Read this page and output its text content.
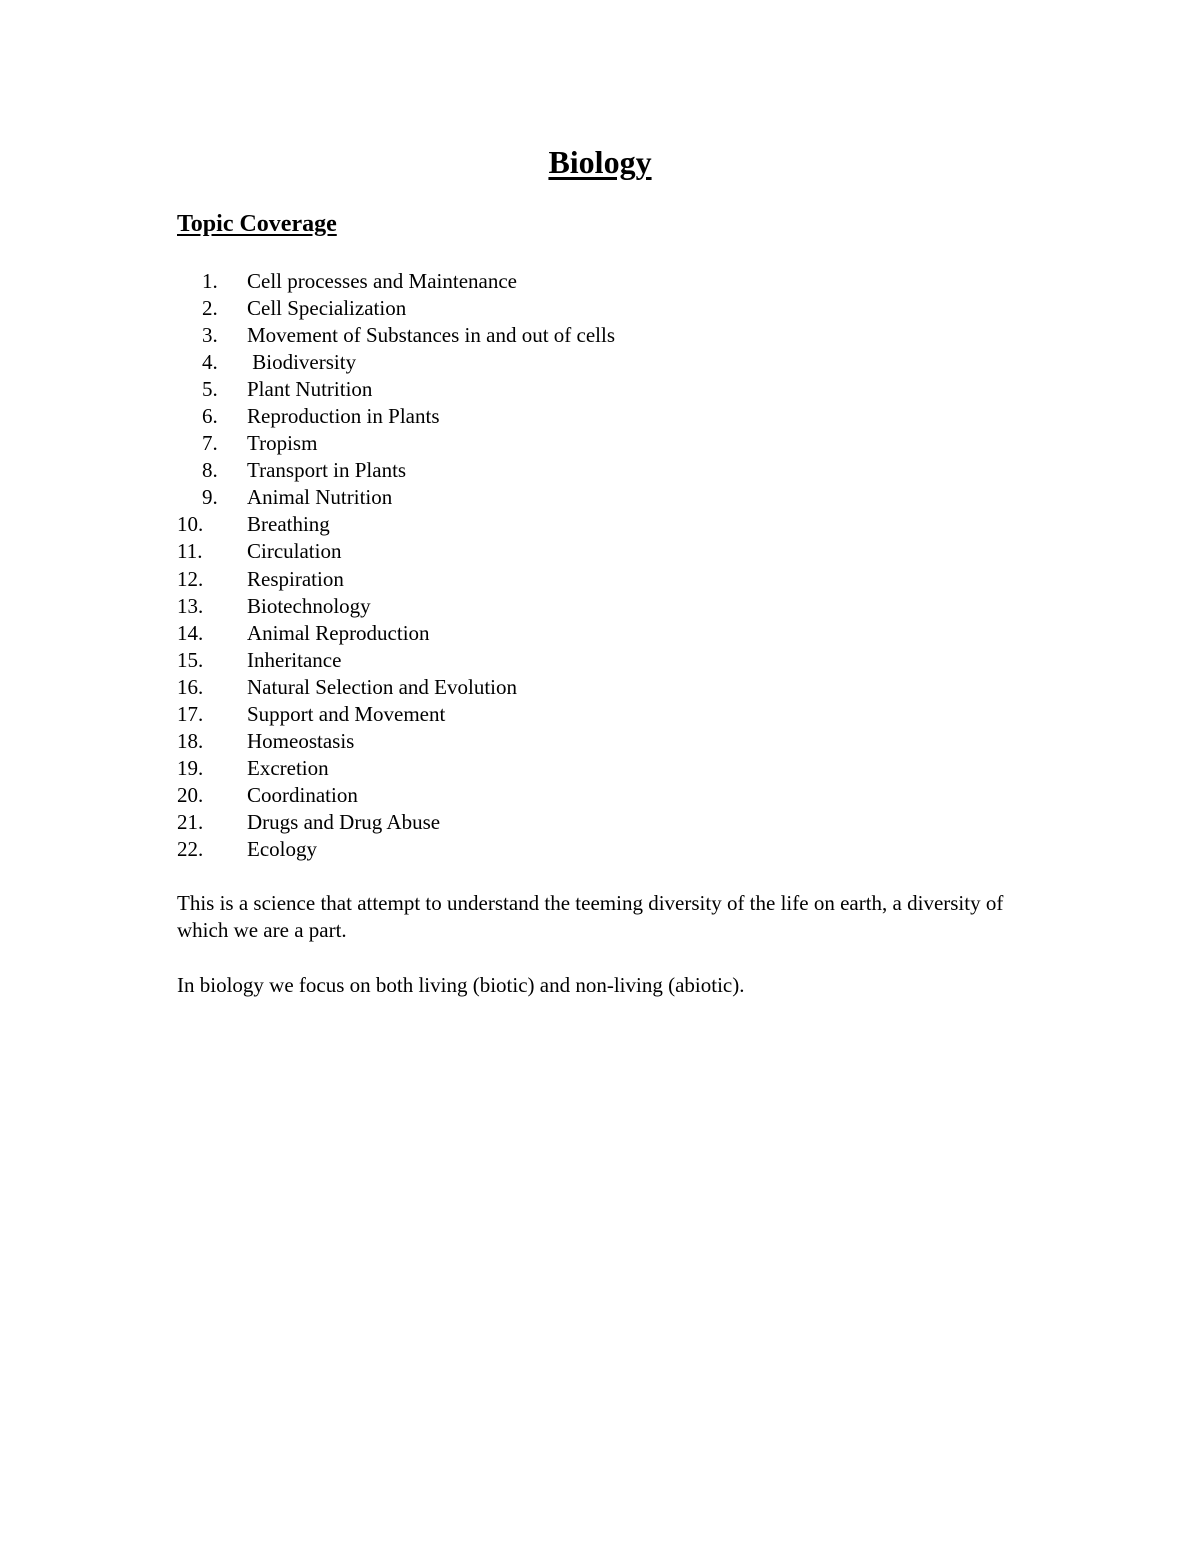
Biology
Topic Coverage
1.	Cell processes and Maintenance
2.	Cell Specialization
3.	Movement of Substances in and out of cells
4.	Biodiversity
5.	Plant Nutrition
6.	Reproduction in Plants
7.	Tropism
8.	Transport in Plants
9.	Animal Nutrition
10.	Breathing
11.	Circulation
12.	Respiration
13.	Biotechnology
14.	Animal Reproduction
15.	Inheritance
16.	Natural Selection and Evolution
17.	Support and Movement
18.	Homeostasis
19.	Excretion
20.	Coordination
21.	Drugs and Drug Abuse
22.	Ecology

This is a science that attempt to understand the teeming diversity of the life on earth, a diversity of which we are a part.

In biology we focus on both living (biotic) and non-living (abiotic).
